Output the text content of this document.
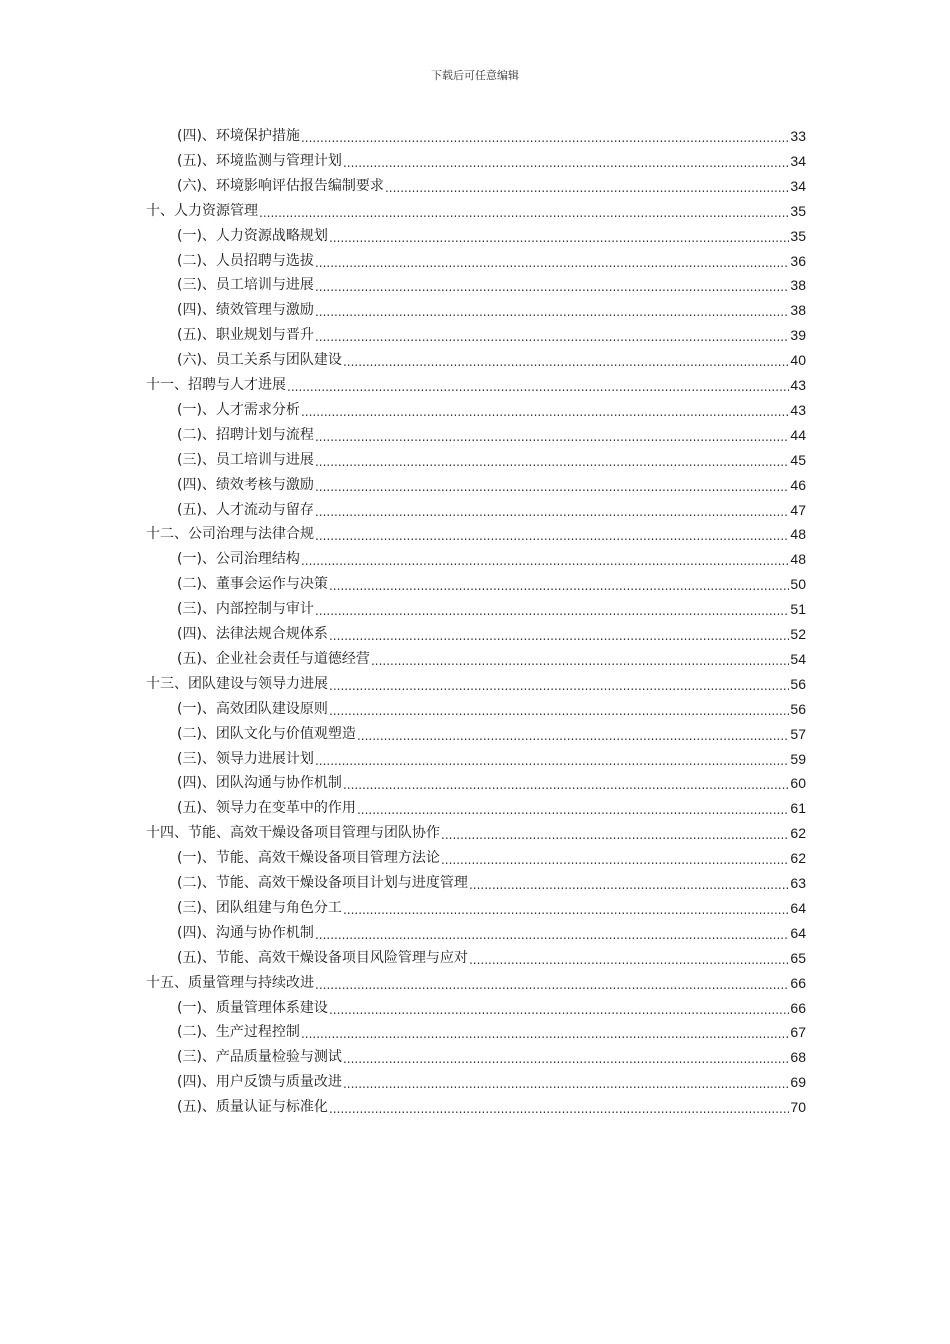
下载后可任意编辑
(四)、环境保护措施 .....	33
(五)、环境监测与管理计划 .....	34
(六)、环境影响评估报告编制要求 .....	34
十、人力资源管理 .....	35
(一)、人力资源战略规划 .....	35
(二)、人员招聘与选拔 .....	36
(三)、员工培训与进展 .....	38
(四)、绩效管理与激励 .....	38
(五)、职业规划与晋升 .....	39
(六)、员工关系与团队建设 .....	40
十一、招聘与人才进展 .....	43
(一)、人才需求分析 .....	43
(二)、招聘计划与流程 .....	44
(三)、员工培训与进展 .....	45
(四)、绩效考核与激励 .....	46
(五)、人才流动与留存 .....	47
十二、公司治理与法律合规 .....	48
(一)、公司治理结构 .....	48
(二)、董事会运作与决策 .....	50
(三)、内部控制与审计 .....	51
(四)、法律法规合规体系 .....	52
(五)、企业社会责任与道德经营 .....	54
十三、团队建设与领导力进展 .....	56
(一)、高效团队建设原则 .....	56
(二)、团队文化与价值观塑造 .....	57
(三)、领导力进展计划 .....	59
(四)、团队沟通与协作机制 .....	60
(五)、领导力在变革中的作用 .....	61
十四、节能、高效干燥设备项目管理与团队协作 .....	62
(一)、节能、高效干燥设备项目管理方法论 .....	62
(二)、节能、高效干燥设备项目计划与进度管理 .....	63
(三)、团队组建与角色分工 .....	64
(四)、沟通与协作机制 .....	64
(五)、节能、高效干燥设备项目风险管理与应对 .....	65
十五、质量管理与持续改进 .....	66
(一)、质量管理体系建设 .....	66
(二)、生产过程控制 .....	67
(三)、产品质量检验与测试 .....	68
(四)、用户反馈与质量改进 .....	69
(五)、质量认证与标准化 .....	70
